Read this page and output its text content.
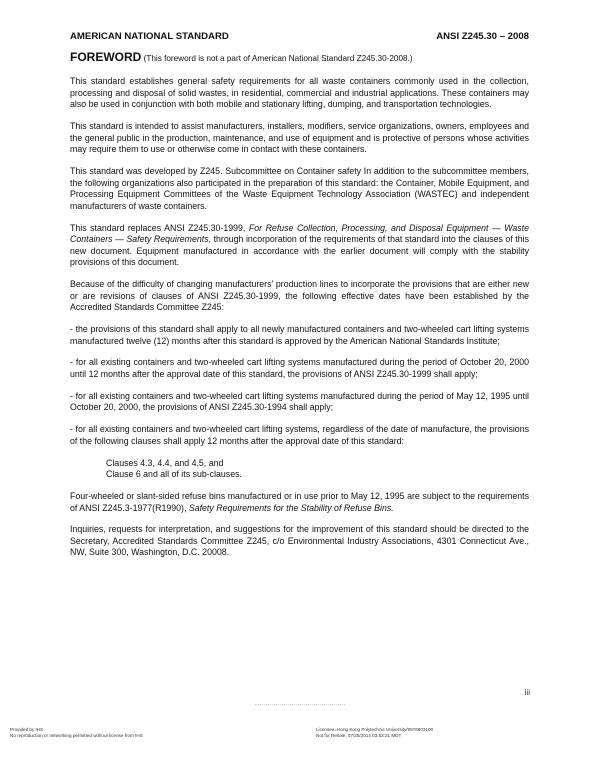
AMERICAN NATIONAL STANDARD	ANSI Z245.30 – 2008
FOREWORD (This foreword is not a part of American National Standard Z245.30-2008.)

This standard establishes general safety requirements for all waste containers commonly used in the collection, processing and disposal of solid wastes, in residential, commercial and industrial applications. These containers may also be used in conjunction with both mobile and stationary lifting, dumping, and transportation technologies.

This standard is intended to assist manufacturers, installers, modifiers, service organizations, owners, employees and the general public in the production, maintenance, and use of equipment and is protective of persons whose activities may require them to use or otherwise come in contact with these containers.

This standard was developed by Z245. Subcommittee on Container safety In addition to the subcommittee members, the following organizations also participated in the preparation of this standard: the Container, Mobile Equipment, and Processing Equipment Committees of the Waste Equipment Technology Association (WASTEC) and independent manufacturers of waste containers.

This standard replaces ANSI Z245.30-1999, For Refuse Collection, Processing, and Disposal Equipment — Waste Containers — Safety Requirements, through incorporation of the requirements of that standard into the clauses of this new document. Equipment manufactured in accordance with the earlier document will comply with the stability provisions of this document.

Because of the difficulty of changing manufacturers’ production lines to incorporate the provisions that are either new or are revisions of clauses of ANSI Z245.30-1999, the following effective dates have been established by the Accredited Standards Committee Z245:

- the provisions of this standard shall apply to all newly manufactured containers and two-wheeled cart lifting systems manufactured twelve (12) months after this standard is approved by the American National Standards Institute;

- for all existing containers and two-wheeled cart lifting systems manufactured during the period of October 20, 2000 until 12 months after the approval date of this standard, the provisions of ANSI Z245.30-1999 shall apply;

- for all existing containers and two-wheeled cart lifting systems manufactured during the period of May 12, 1995 until October 20, 2000, the provisions of ANSI Z245.30-1994 shall apply;

- for all existing containers and two-wheeled cart lifting systems, regardless of the date of manufacture, the provisions of the following clauses shall apply 12 months after the approval date of this standard:

Clauses 4.3, 4.4, and 4.5, and
Clause 6 and all of its sub-clauses.

Four-wheeled or slant-sided refuse bins manufactured or in use prior to May 12, 1995 are subject to the requirements of ANSI Z245.3-1977(R1990), Safety Requirements for the Stability of Refuse Bins.

Inquiries, requests for interpretation, and suggestions for the improvement of this standard should be directed to the Secretary, Accredited Standards Committee Z245, c/o Environmental Industry Associations, 4301 Connecticut Ave., NW, Suite 300, Washington, D.C. 20008.

iii
Provided by IHS
No reproduction or networking permitted without license from IHS
Licensee=Hong Kong Polytechnic University/9976803100
Not for Resale, 07/25/2014 03:53:31 MDT
